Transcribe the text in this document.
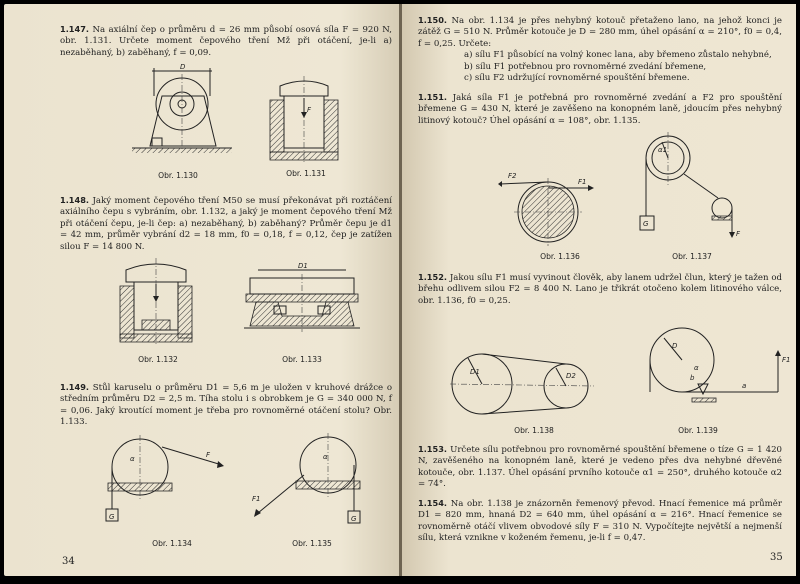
1.147. Na axiální čep o průměru d = 26 mm působí osová síla F = 920 N, obr. 1.131. Určete moment čepového tření Mž při otáčení, je-li a) nezaběhaný, b) zaběhaný, f = 0,09.
D
F
Obr. 1.130	Obr. 1.131
1.148. Jaký moment čepového tření M50 se musí překonávat při roztáčení axiálního čepu s vybráním, obr. 1.132, a jaký je moment čepového tření Mž při otáčení čepu, je-li čep: a) nezaběhaný, b) zaběhaný? Průměr čepu je d1 = 42 mm, průměr vybrání d2 = 18 mm, f0 = 0,18, f = 0,12, čep je zatížen silou F = 14 800 N.
D1
Obr. 1.132	Obr. 1.133
1.149. Stůl karuselu o průměru D1 = 5,6 m je uložen v kruhové drážce o středním průměru D2 = 2,5 m. Tíha stolu i s obrobkem je G = 340 000 N, f = 0,06. Jaký kroutící moment je třeba pro rovnoměrné otáčení stolu? Obr. 1.133.
F
α
G
F1
α
G
Obr. 1.134	Obr. 1.135
34
1.150. Na obr. 1.134 je přes nehybný kotouč přetaženo lano, na jehož konci je zátěž G = 510 N. Průměr kotouče je D = 280 mm, úhel opásání α = 210°, f0 = 0,4, f = 0,25. Určete:
a) sílu F1 působící na volný konec lana, aby břemeno zůstalo nehybné,
b) sílu F1 potřebnou pro rovnoměrné zvedání břemene,
c) sílu F2 udržující rovnoměrné spouštění břemene.
1.151. Jaká síla F1 je potřebná pro rovnoměrné zvedání a F2 pro spouštění břemene G = 430 N, které je zavěšeno na konopném laně, jdoucím přes nehybný litinový kotouč? Úhel opásání α = 108°, obr. 1.135.
F2
F1
α1
G
F
Obr. 1.136	Obr. 1.137
1.152. Jakou sílu F1 musí vyvinout člověk, aby lanem udržel člun, který je tažen od břehu odlivem silou F2 = 8 400 N. Lano je třikrát otočeno kolem litinového válce, obr. 1.136, f0 = 0,25.
D1	D2
D
F1
b
a
α
Obr. 1.138	Obr. 1.139
1.153. Určete sílu potřebnou pro rovnoměrné spouštění břemene o tíze G = 1 420 N, zavěšeného na konopném laně, které je vedeno přes dva nehybné dřevěné kotouče, obr. 1.137. Úhel opásání prvního kotouče α1 = 250°, druhého kotouče α2 = 74°.
1.154. Na obr. 1.138 je znázorněn řemenový převod. Hnací řemenice má průměr D1 = 820 mm, hnaná D2 = 640 mm, úhel opásání α = 216°. Hnací řemenice se rovnoměrně otáčí vlivem obvodové síly F = 310 N. Vypočítejte největší a nejmenší sílu, která vznikne v koženém řemenu, je-li f = 0,47.
35
